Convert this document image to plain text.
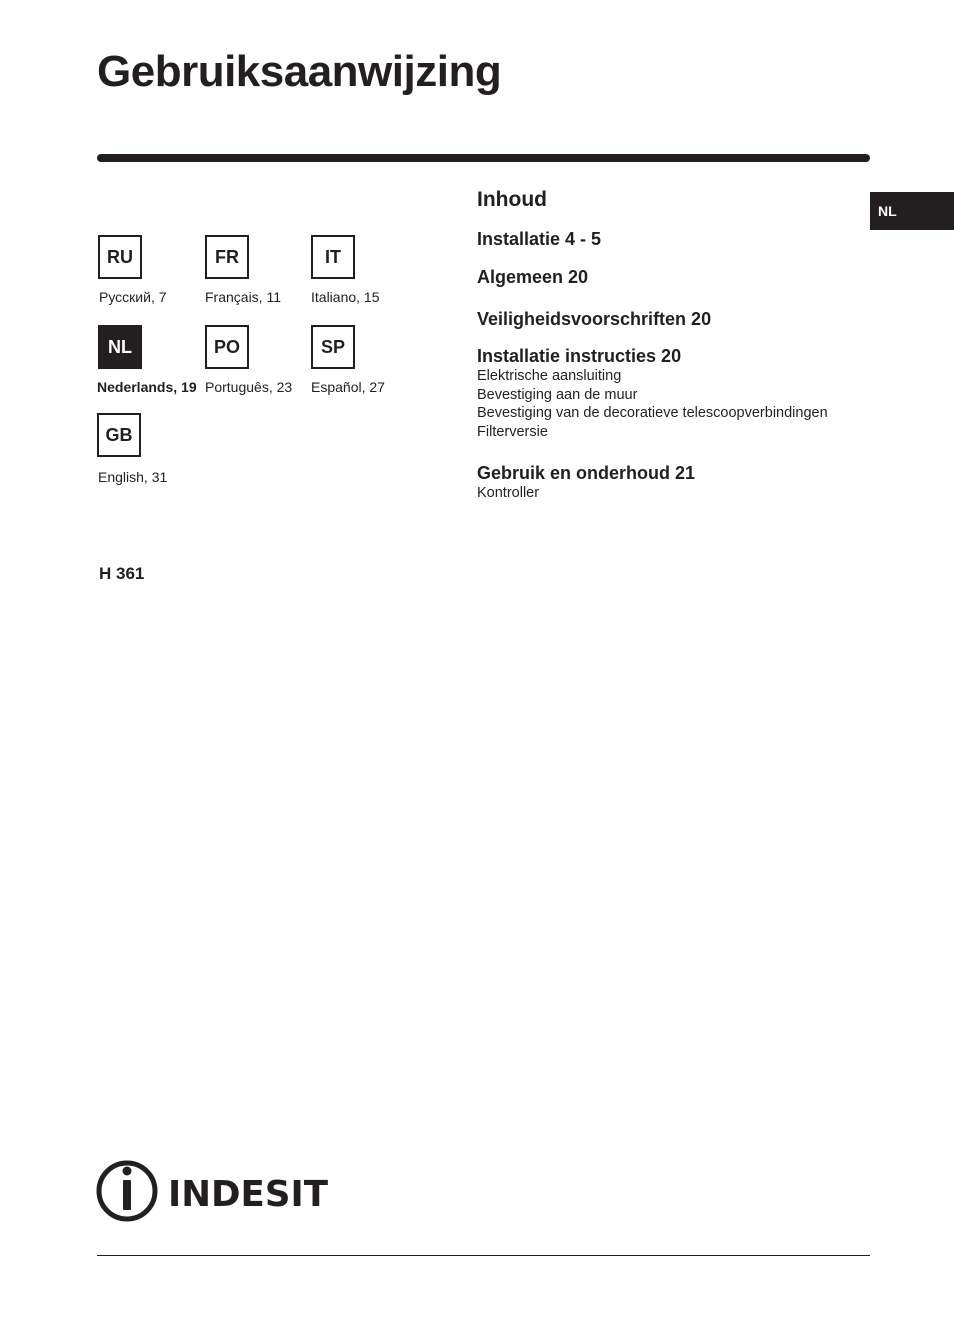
Gebruiksaanwijzing
NL
RU
Русский, 7
FR
Français, 11
IT
Italiano, 15
NL
Nederlands, 19
PO
Português, 23
SP
Español, 27
GB
English, 31
Inhoud
Installatie 4 - 5
Algemeen 20
Veiligheidsvoorschriften 20
Installatie instructies 20
Elektrische aansluiting
Bevestiging aan de muur
Bevestiging van de decoratieve telescoopverbindingen
Filterversie
Gebruik en onderhoud 21
Kontroller
H 361
INDESIT
